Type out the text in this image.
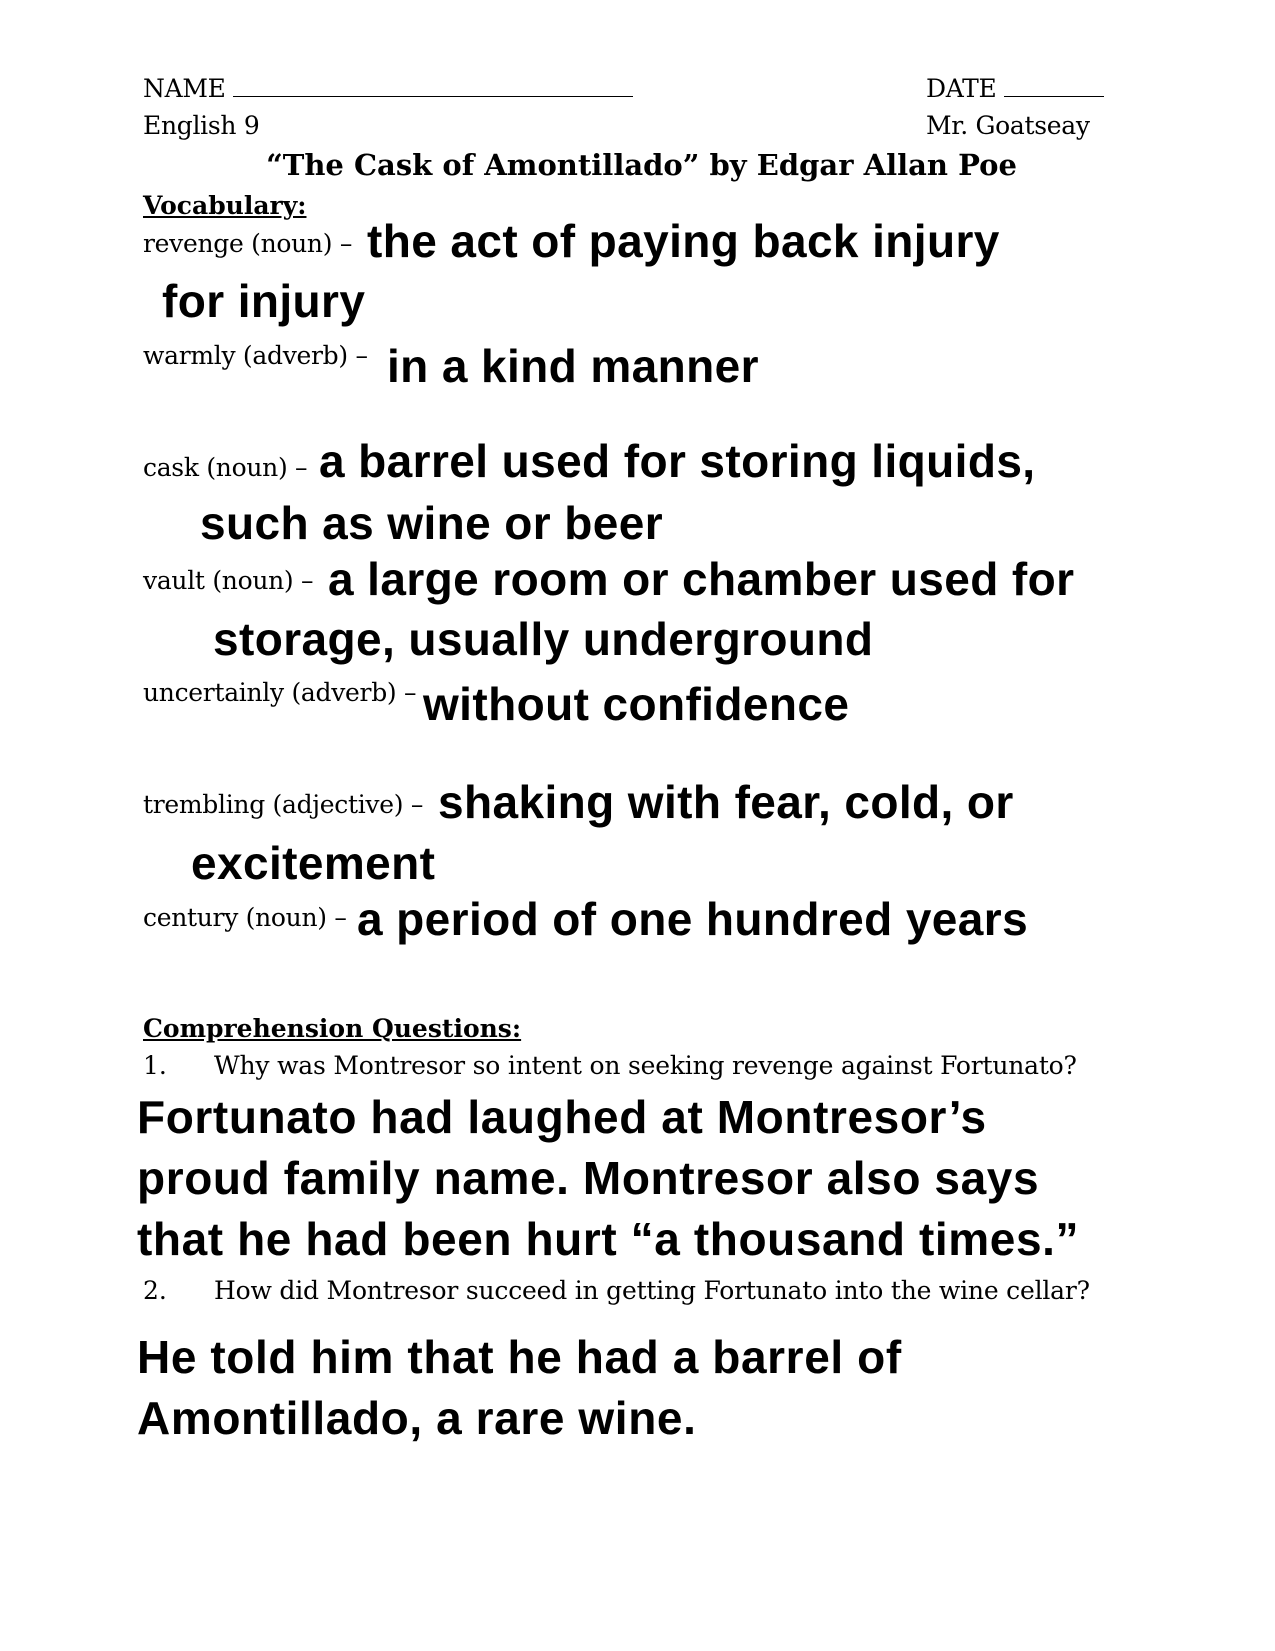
NAME	DATE
English 9	Mr. Goatseay
“The Cask of Amontillado” by Edgar Allan Poe
Vocabulary:
revenge (noun) – the act of paying back injury
for injury
warmly (adverb) – in a kind manner
cask (noun) – a barrel used for storing liquids,
such as wine or beer
vault (noun) – a large room or chamber used for
storage, usually underground
uncertainly (adverb) – without confidence
trembling (adjective) – shaking with fear, cold, or
excitement
century (noun) – a period of one hundred years
Comprehension Questions:
1. Why was Montresor so intent on seeking revenge against Fortunato?
Fortunato had laughed at Montresor’s
proud family name. Montresor also says
that he had been hurt “a thousand times.”
2. How did Montresor succeed in getting Fortunato into the wine cellar?
He told him that he had a barrel of
Amontillado, a rare wine.
